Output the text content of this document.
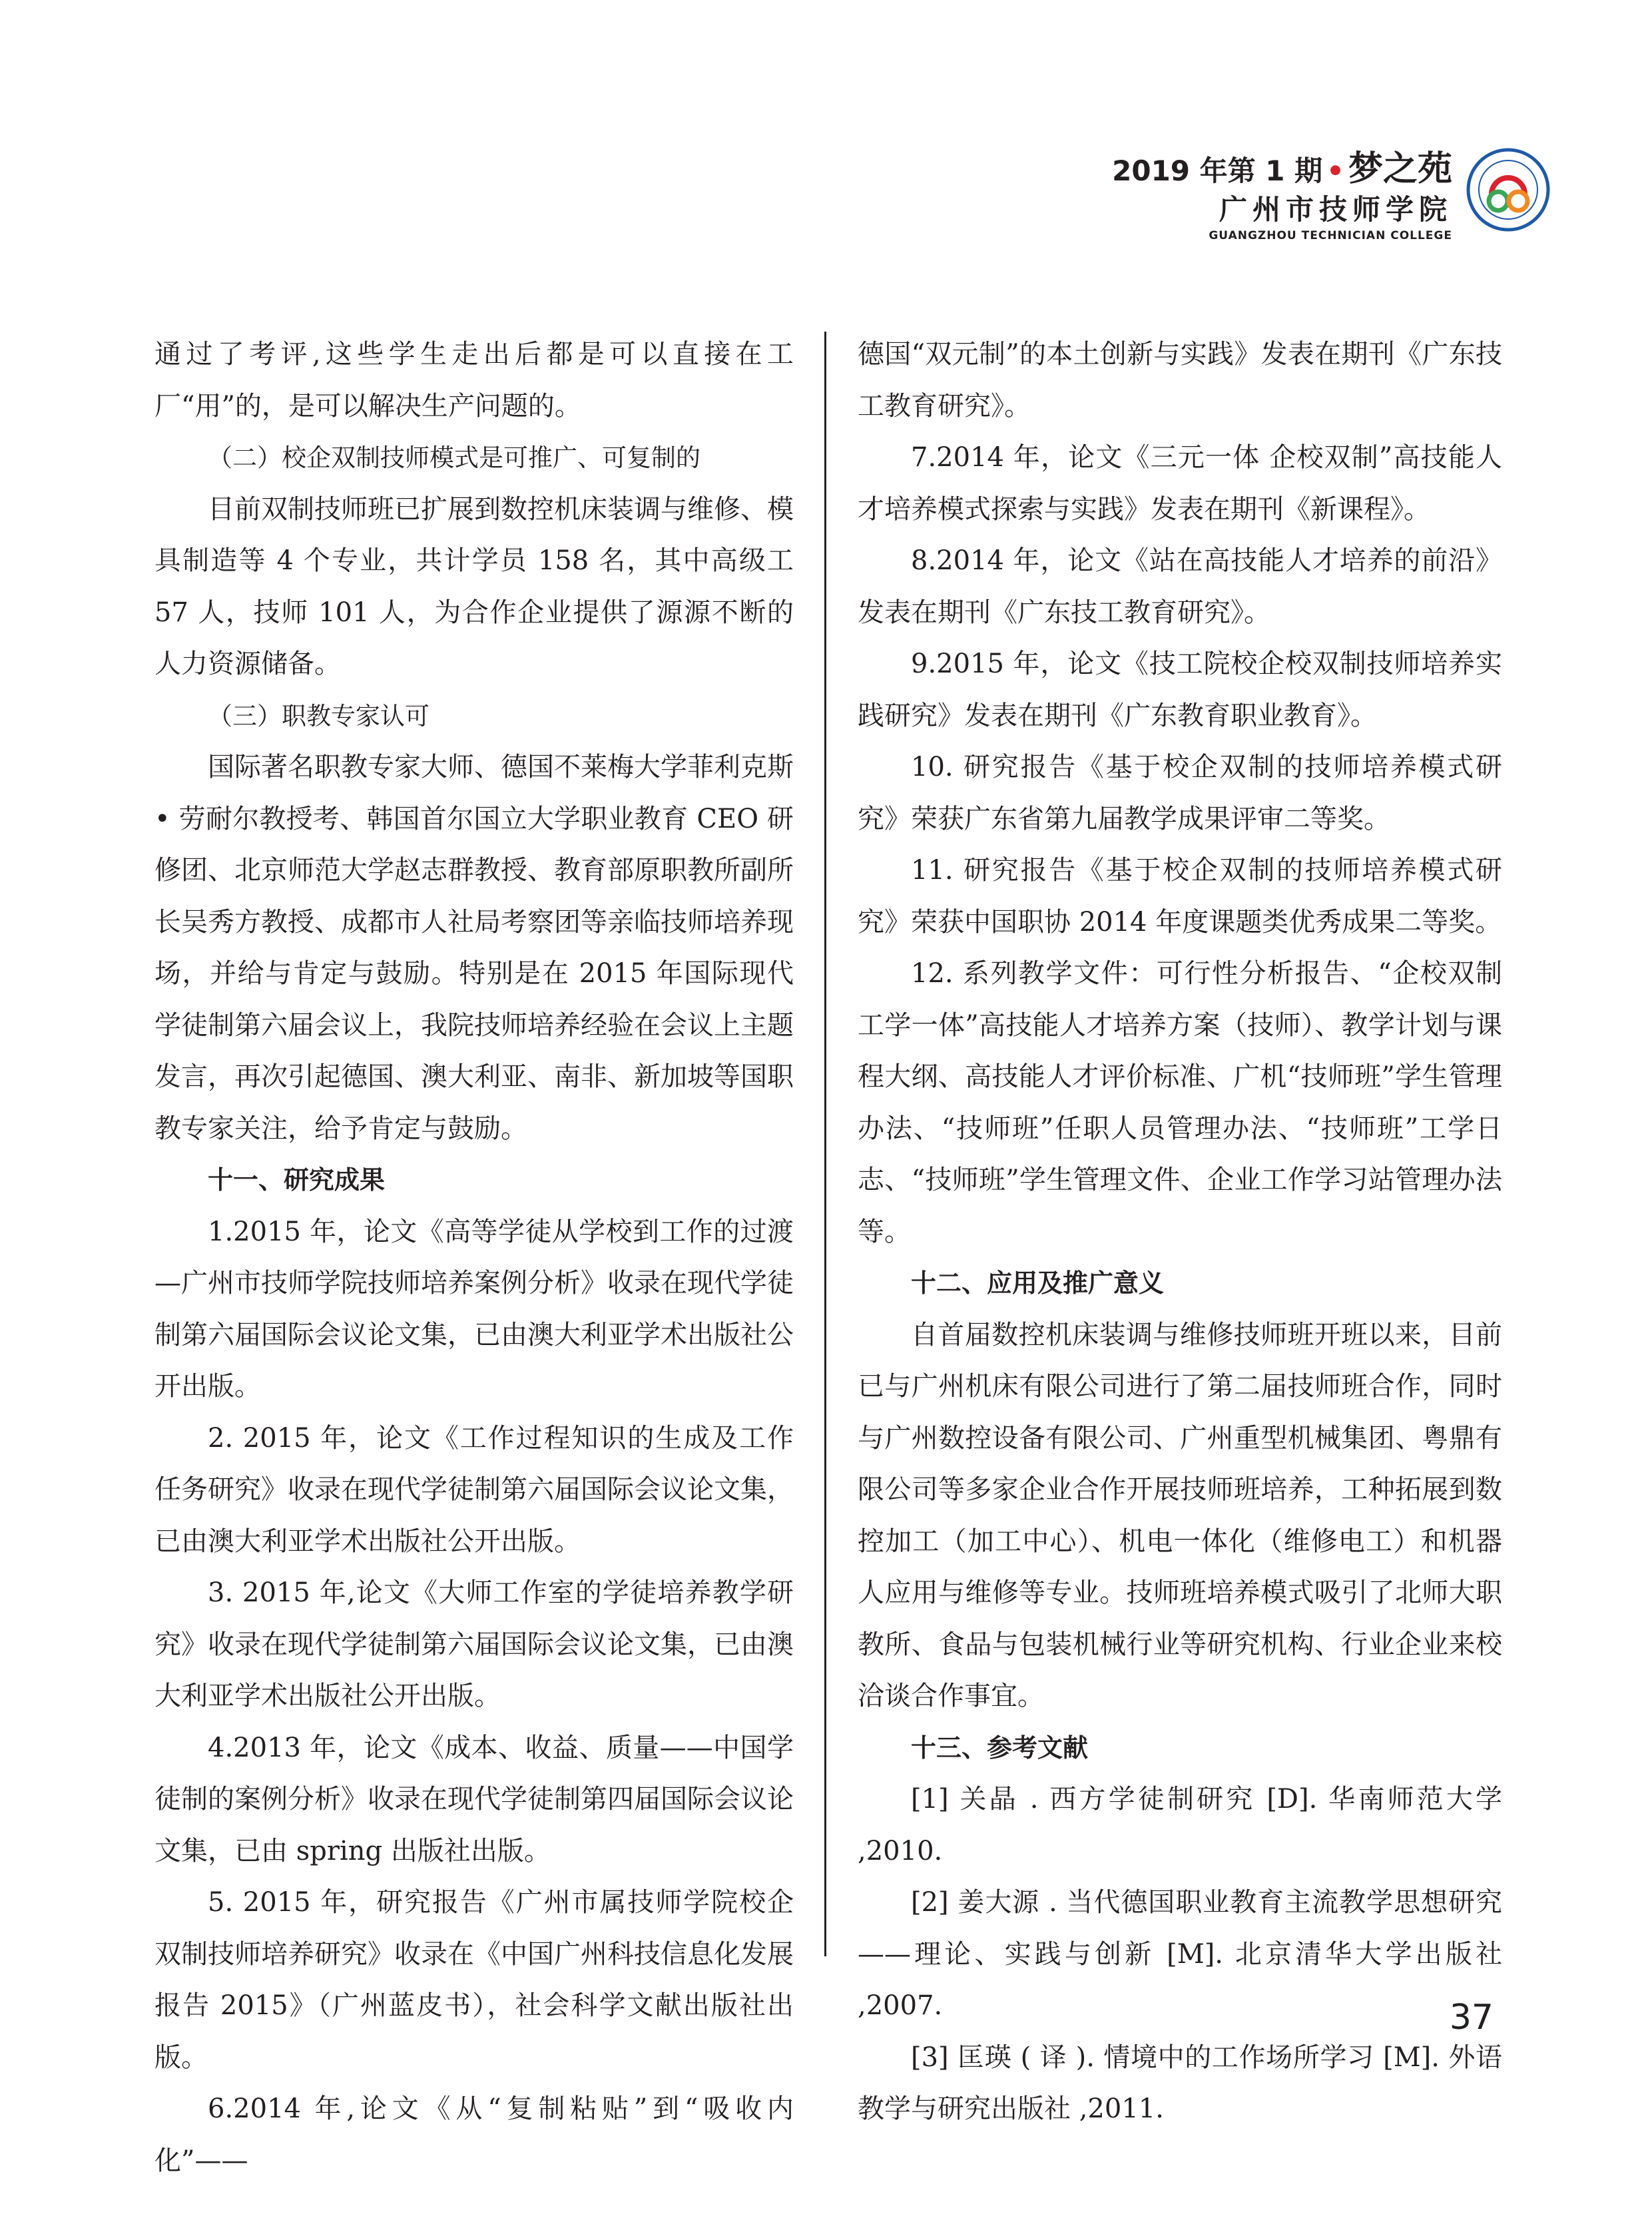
2019 年第 1 期 • 梦之苑
广州市技师学院
GUANGZHOU TECHNICIAN COLLEGE

通过了考评,这些学生走出后都是可以直接在工厂“用”的，是可以解决生产问题的。

（二）校企双制技师模式是可推广、可复制的

目前双制技师班已扩展到数控机床装调与维修、模具制造等 4 个专业，共计学员 158 名，其中高级工 57 人，技师 101 人，为合作企业提供了源源不断的人力资源储备。

（三）职教专家认可

国际著名职教专家大师、德国不莱梅大学菲利克斯 • 劳耐尔教授考、韩国首尔国立大学职业教育 CEO 研修团、北京师范大学赵志群教授、教育部原职教所副所长吴秀方教授、成都市人社局考察团等亲临技师培养现场，并给与肯定与鼓励。特别是在 2015 年国际现代学徒制第六届会议上，我院技师培养经验在会议上主题发言，再次引起德国、澳大利亚、南非、新加坡等国职教专家关注，给予肯定与鼓励。

十一、研究成果

1.2015 年，论文《高等学徒从学校到工作的过渡—广州市技师学院技师培养案例分析》收录在现代学徒制第六届国际会议论文集，已由澳大利亚学术出版社公开出版。

2. 2015 年，论文《工作过程知识的生成及工作任务研究》收录在现代学徒制第六届国际会议论文集，已由澳大利亚学术出版社公开出版。

3. 2015 年,论文《大师工作室的学徒培养教学研究》收录在现代学徒制第六届国际会议论文集，已由澳大利亚学术出版社公开出版。

4.2013 年，论文《成本、收益、质量——中国学徒制的案例分析》收录在现代学徒制第四届国际会议论文集，已由 spring 出版社出版。

5. 2015 年，研究报告《广州市属技师学院校企双制技师培养研究》收录在《中国广州科技信息化发展报告 2015》（广州蓝皮书），社会科学文献出版社出版。

6.2014 年,论文《从“复制粘贴”到“吸收内化”——

德国“双元制”的本土创新与实践》发表在期刊《广东技工教育研究》。

7.2014 年，论文《三元一体 企校双制”高技能人才培养模式探索与实践》发表在期刊《新课程》。

8.2014 年，论文《站在高技能人才培养的前沿》发表在期刊《广东技工教育研究》。

9.2015 年，论文《技工院校企校双制技师培养实践研究》发表在期刊《广东教育职业教育》。

10. 研究报告《基于校企双制的技师培养模式研究》荣获广东省第九届教学成果评审二等奖。

11. 研究报告《基于校企双制的技师培养模式研究》荣获中国职协 2014 年度课题类优秀成果二等奖。

12. 系列教学文件：可行性分析报告、“企校双制工学一体”高技能人才培养方案（技师）、教学计划与课程大纲、高技能人才评价标准、广机“技师班”学生管理办法、“技师班”任职人员管理办法、“技师班”工学日志、“技师班”学生管理文件、企业工作学习站管理办法等。

十二、应用及推广意义

自首届数控机床装调与维修技师班开班以来，目前已与广州机床有限公司进行了第二届技师班合作，同时与广州数控设备有限公司、广州重型机械集团、粤鼎有限公司等多家企业合作开展技师班培养，工种拓展到数控加工（加工中心）、机电一体化（维修电工）和机器人应用与维修等专业。技师班培养模式吸引了北师大职教所、食品与包装机械行业等研究机构、行业企业来校洽谈合作事宜。

十三、参考文献

[1] 关晶 . 西方学徒制研究 [D]. 华南师范大学 ,2010.

[2] 姜大源 . 当代德国职业教育主流教学思想研究——理论、实践与创新 [M]. 北京清华大学出版社 ,2007.

[3] 匡瑛 ( 译 ). 情境中的工作场所学习 [M]. 外语教学与研究出版社 ,2011.

37
